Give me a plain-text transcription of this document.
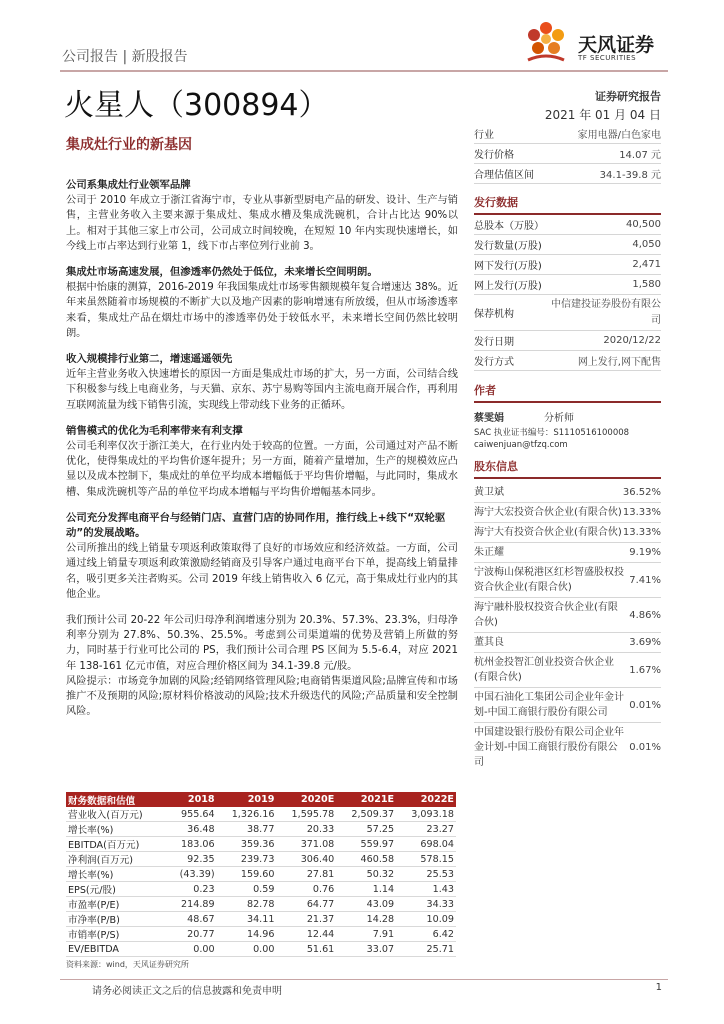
公司报告 | 新股报告
天风证券
TF SECURITIES
火星人（300894）
集成灶行业的新基因
证券研究报告
2021 年 01 月 04 日
公司系集成灶行业领军品牌
公司于 2010 年成立于浙江省海宁市，专业从事新型厨电产品的研发、设计、生产与销售，主营业务收入主要来源于集成灶、集成水槽及集成洗碗机，合计占比达 90%以上。相对于其他三家上市公司，公司成立时间较晚，在短短 10 年内实现快速增长，如今线上市占率达到行业第 1，线下市占率位列行业前 3。
集成灶市场高速发展，但渗透率仍然处于低位，未来增长空间明朗。
根据中怡康的测算，2016-2019 年我国集成灶市场零售额规模年复合增速达 38%。近年来虽然随着市场规模的不断扩大以及地产因素的影响增速有所放缓，但从市场渗透率来看，集成灶产品在烟灶市场中的渗透率仍处于较低水平，未来增长空间仍然比较明朗。
收入规模排行业第二，增速遥遥领先
近年主营业务收入快速增长的原因一方面是集成灶市场的扩大，另一方面，公司结合线下积极参与线上电商业务，与天猫、京东、苏宁易购等国内主流电商开展合作，再利用互联网流量为线下销售引流，实现线上带动线下业务的正循环。
销售模式的优化为毛利率带来有利支撑
公司毛利率仅次于浙江美大，在行业内处于较高的位置。一方面，公司通过对产品不断优化，使得集成灶的平均售价逐年提升；另一方面，随着产量增加，生产的规模效应凸显以及成本控制下，集成灶的单位平均成本增幅低于平均售价增幅，与此同时，集成水槽、集成洗碗机等产品的单位平均成本增幅与平均售价增幅基本同步。
公司充分发挥电商平台与经销门店、直营门店的协同作用，推行线上+线下“双轮驱动”的发展战略。
公司所推出的线上销量专项返利政策取得了良好的市场效应和经济效益。一方面，公司通过线上销量专项返利政策激励经销商及引导客户通过电商平台下单，提高线上销量排名，吸引更多关注者购买。公司 2019 年线上销售收入 6 亿元，高于集成灶行业内的其他企业。
我们预计公司 20-22 年公司归母净利润增速分别为 20.3%、57.3%、23.3%，归母净利率分别为 27.8%、50.3%、25.5%。考虑到公司渠道端的优势及营销上所做的努力，同时基于行业可比公司的 PS，我们预计公司合理 PS 区间为 5.5-6.4，对应 2021 年 138-161 亿元市值，对应合理价格区间为 34.1-39.8 元/股。
风险提示：市场竞争加剧的风险;经销网络管理风险;电商销售渠道风险;品牌宣传和市场推广不及预期的风险;原材料价格波动的风险;技术升级迭代的风险;产品质量和安全控制风险。
行业	家用电器/白色家电
发行价格	14.07 元
合理估值区间	34.1-39.8 元
发行数据
总股本（万股）	40,500
发行数量(万股)	4,050
网下发行(万股)	2,471
网上发行(万股)	1,580
保荐机构
中信建投证券股份有限公司
发行日期	2020/12/22
发行方式	网上发行,网下配售
作者
蔡雯娟	分析师
SAC 执业证书编号：S1110516100008
caiwenjuan@tfzq.com
股东信息
黄卫斌	36.52%
海宁大宏投资合伙企业(有限合伙) 13.33%
海宁大有投资合伙企业(有限合伙) 13.33%
朱正耀	9.19%
宁波梅山保税港区红杉智盛股权投资合伙企业(有限合伙)
7.41%
海宁融朴股权投资合伙企业(有限合伙)
4.86%
董其良	3.69%
杭州金投智汇创业投资合伙企业(有限合伙)
1.67%
中国石油化工集团公司企业年金计划-中国工商银行股份有限公司
0.01%
中国建设银行股份有限公司企业年金计划-中国工商银行股份有限公司
0.01%
财务数据和估值	2018	2019	2020E	2021E	2022E
营业收入(百万元)	955.64	1,326.16	1,595.78	2,509.37	3,093.18
增长率(%)	36.48	38.77	20.33	57.25	23.27
EBITDA(百万元)	183.06	359.36	371.08	559.97	698.04
净利润(百万元)	92.35	239.73	306.40	460.58	578.15
增长率(%)	(43.39)	159.60	27.81	50.32	25.53
EPS(元/股)	0.23	0.59	0.76	1.14	1.43
市盈率(P/E)	214.89	82.78	64.77	43.09	34.33
市净率(P/B)	48.67	34.11	21.37	14.28	10.09
市销率(P/S)	20.77	14.96	12.44	7.91	6.42
EV/EBITDA	0.00	0.00	51.61	33.07	25.71
资料来源：wind，天风证券研究所
请务必阅读正文之后的信息披露和免责申明	1
